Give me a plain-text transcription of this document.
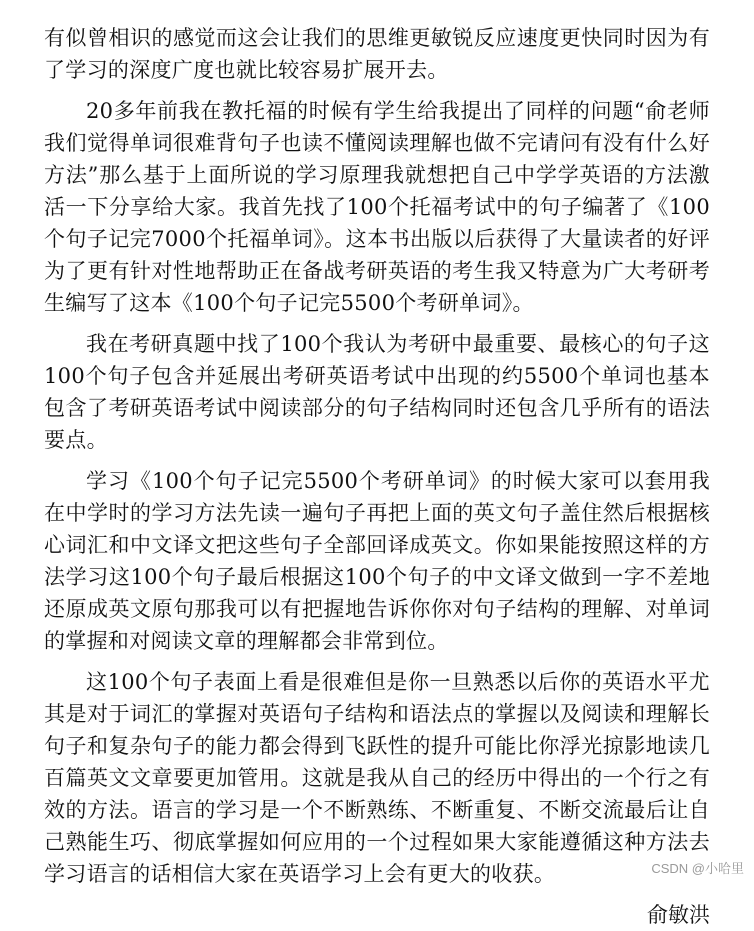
有似曾相识的感觉而这会让我们的思维更敏锐反应速度更快同时因为有了学习的深度广度也就比较容易扩展开去。

20多年前我在教托福的时候有学生给我提出了同样的问题“俞老师我们觉得单词很难背句子也读不懂阅读理解也做不完请问有没有什么好方法”那么基于上面所说的学习原理我就想把自己中学学英语的方法激活一下分享给大家。我首先找了100个托福考试中的句子编著了《100个句子记完7000个托福单词》。这本书出版以后获得了大量读者的好评为了更有针对性地帮助正在备战考研英语的考生我又特意为广大考研考生编写了这本《100个句子记完5500个考研单词》。

我在考研真题中找了100个我认为考研中最重要、最核心的句子这100个句子包含并延展出考研英语考试中出现的约5500个单词也基本包含了考研英语考试中阅读部分的句子结构同时还包含几乎所有的语法要点。

学习《100个句子记完5500个考研单词》的时候大家可以套用我在中学时的学习方法先读一遍句子再把上面的英文句子盖住然后根据核心词汇和中文译文把这些句子全部回译成英文。你如果能按照这样的方法学习这100个句子最后根据这100个句子的中文译文做到一字不差地还原成英文原句那我可以有把握地告诉你你对句子结构的理解、对单词的掌握和对阅读文章的理解都会非常到位。

这100个句子表面上看是很难但是你一旦熟悉以后你的英语水平尤其是对于词汇的掌握对英语句子结构和语法点的掌握以及阅读和理解长句子和复杂句子的能力都会得到飞跃性的提升可能比你浮光掠影地读几百篇英文文章要更加管用。这就是我从自己的经历中得出的一个行之有效的方法。语言的学习是一个不断熟练、不断重复、不断交流最后让自己熟能生巧、彻底掌握如何应用的一个过程如果大家能遵循这种方法去学习语言的话相信大家在英语学习上会有更大的收获。

俞敏洪

CSDN @小哈里
